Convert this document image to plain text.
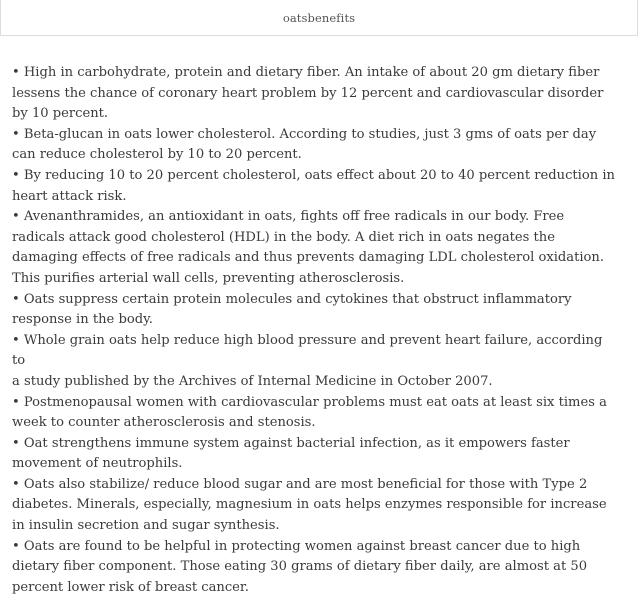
oatsbenefits

• High in carbohydrate, protein and dietary fiber. An intake of about 20 gm dietary fiber
lessens the chance of coronary heart problem by 12 percent and cardiovascular disorder
by 10 percent.

• Beta-glucan in oats lower cholesterol. According to studies, just 3 gms of oats per day
can reduce cholesterol by 10 to 20 percent.

• By reducing 10 to 20 percent cholesterol, oats effect about 20 to 40 percent reduction in
heart attack risk.

• Avenanthramides, an antioxidant in oats, fights off free radicals in our body. Free
radicals attack good cholesterol (HDL) in the body. A diet rich in oats negates the
damaging effects of free radicals and thus prevents damaging LDL cholesterol oxidation.
This purifies arterial wall cells, preventing atherosclerosis.

• Oats suppress certain protein molecules and cytokines that obstruct inflammatory
response in the body.

• Whole grain oats help reduce high blood pressure and prevent heart failure, according to
a study published by the Archives of Internal Medicine in October 2007.

• Postmenopausal women with cardiovascular problems must eat oats at least six times a
week to counter atherosclerosis and stenosis.

• Oat strengthens immune system against bacterial infection, as it empowers faster
movement of neutrophils.

• Oats also stabilize/ reduce blood sugar and are most beneficial for those with Type 2
diabetes. Minerals, especially, magnesium in oats helps enzymes responsible for increase
in insulin secretion and sugar synthesis.

• Oats are found to be helpful in protecting women against breast cancer due to high
dietary fiber component. Those eating 30 grams of dietary fiber daily, are almost at 50
percent lower risk of breast cancer.
